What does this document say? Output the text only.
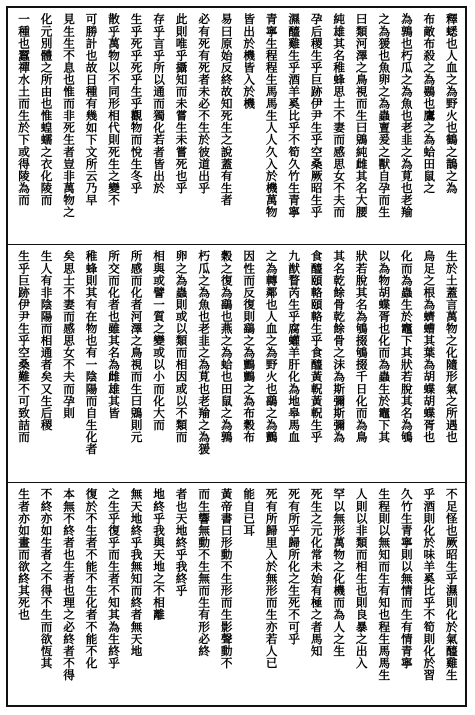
釋蟋也人血之為野火也鶴之鵲之為
布敵布殺之為鷃也鷹之為蛤田鼠之
為鶉也朽瓜之為魚也老韭之為莧也老羭
之為猨也魚卵之為蟲亶爰之獸自孕而生
曰類河澤之鳥視而生曰鶂純雌其名大腰
純雄其名稚蜂思士不妻而感思女不夫而
孕后稷生乎巨跡伊尹生乎空桑厥昭生乎
濕醯雞生乎酒羊奚比乎不筍久竹生青寧
青寧生程程生馬馬生人人久入於機萬物
皆出於機皆入於機
易曰原始反終故知死生之說蓋有生者
必有死有死者未必不生於彼道出乎
此則唯乎攝知而未嘗生未嘗死也乎
存乎言乎所以通而獨化若者皆出於
生乎死乎死乎生乎觀物而悅生冬乎
散乎萬物以不同形相代則死生之變不
可勝計也故日種有幾如下文所云乃早
見生生不息也惟而非死生者豈非萬物之
化元別體之所由也惟蝗蠕之衣化陵而
一種也蠶禪水土而生於下或得陵為而
生於土蓋言萬物之化隨形氣之所遇也
烏足之根為蠐螬其葉為胡蝶胡蝶胥也
化而為蟲生於竈下其狀若脫其名為鴝
以為物胡蝶胥也化而為蟲生於竈下其
狀若脫其名為鴝掇鴝掇千日化而為鳥
其名乾餘骨乾餘骨之沫為斯彌斯彌為
食醯頤輅頤輅生乎食醯黃軦黃軦生乎
九猷瞀芮生乎腐蠸羊肝化為地皋馬血
之為轉鄰也人血之為野火也鷂之為鸇
因性而反復則鷂之為鸇鸇之為布穀布
穀之復為鷂也燕之為蛤也田鼠之為鶉
朽瓜之為魚也老韭之為莧也老羭之為猨
卵之為蟲則或以類而相因或以不類而
相與或譬一質之變或以小而化大而
所感而化者河澤之鳥視而生曰鶂則元
所交而化者也雖其名為雌雄其皆
稚蜂則其有在物也有一陰陽而自生化者
矣思士不妻而感思女不夫而孕則
生人有非陰陽而相通者矣又生后稷
生乎巨跡伊尹生乎空桑難不可致詰而
不足怪也厥昭生乎濕則化於氣醯雞生
乎酒則化於味羊奚比乎不筍則化於習
久竹生青寧則以無情而生有情青寧
生程則以無知而生有知也程生馬馬生
人則以非類而相生也則良暴之出入
罕以無形萬物之化機而為人之生
死生之元化常未始有極之者馬知
死有所乎歸所化之生死不可乎
死有所歸里入於無形而生亦若人已
能自已耳
黃帝書曰形動不生形而生影聲動不
而生響無動不生無而生有形必終
者也天地終乎我終乎
地終乎我與天地之不相離
無天地終乎我無知而終者無天地
之生乎復乎而生者不知其為生終乎
復於不生者不能不生化者不能不化
本無不終者也生者也理之必終者不得
不終亦如生者之不得不生而欲恆其
生者亦如畫而欲終其死也
